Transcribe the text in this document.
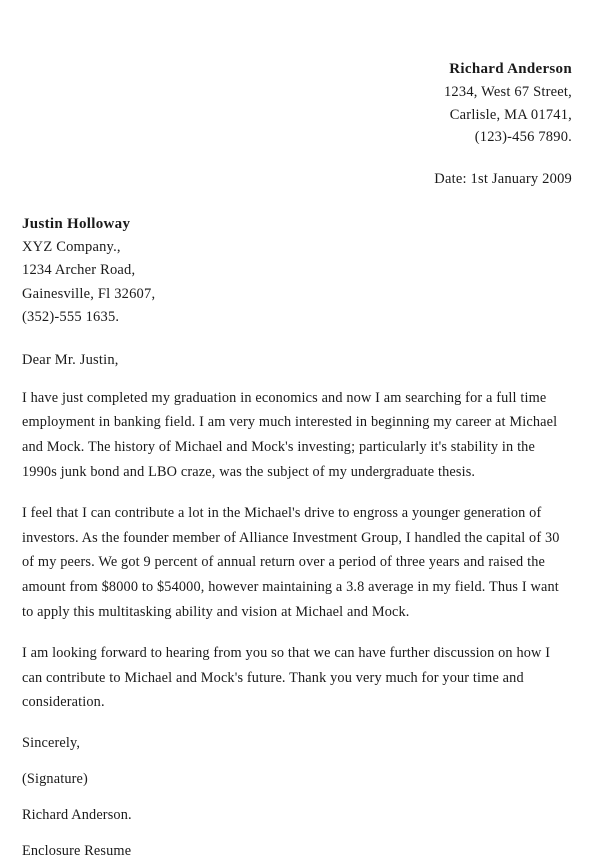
Richard Anderson
1234, West 67 Street,
Carlisle, MA 01741,
(123)-456 7890.
Date: 1st January 2009
Justin Holloway
XYZ Company.,
1234 Archer Road,
Gainesville, Fl 32607,
(352)-555 1635.
Dear Mr. Justin,

I have just completed my graduation in economics and now I am searching for a full time employment in banking field. I am very much interested in beginning my career at Michael and Mock. The history of Michael and Mock's investing; particularly it's stability in the 1990s junk bond and LBO craze, was the subject of my undergraduate thesis.

I feel that I can contribute a lot in the Michael's drive to engross a younger generation of investors. As the founder member of Alliance Investment Group, I handled the capital of 30 of my peers. We got 9 percent of annual return over a period of three years and raised the amount from $8000 to $54000, however maintaining a 3.8 average in my field. Thus I want to apply this multitasking ability and vision at Michael and Mock.

I am looking forward to hearing from you so that we can have further discussion on how I can contribute to Michael and Mock's future. Thank you very much for your time and consideration.

Sincerely,
(Signature)
Richard Anderson.
Enclosure Resume
